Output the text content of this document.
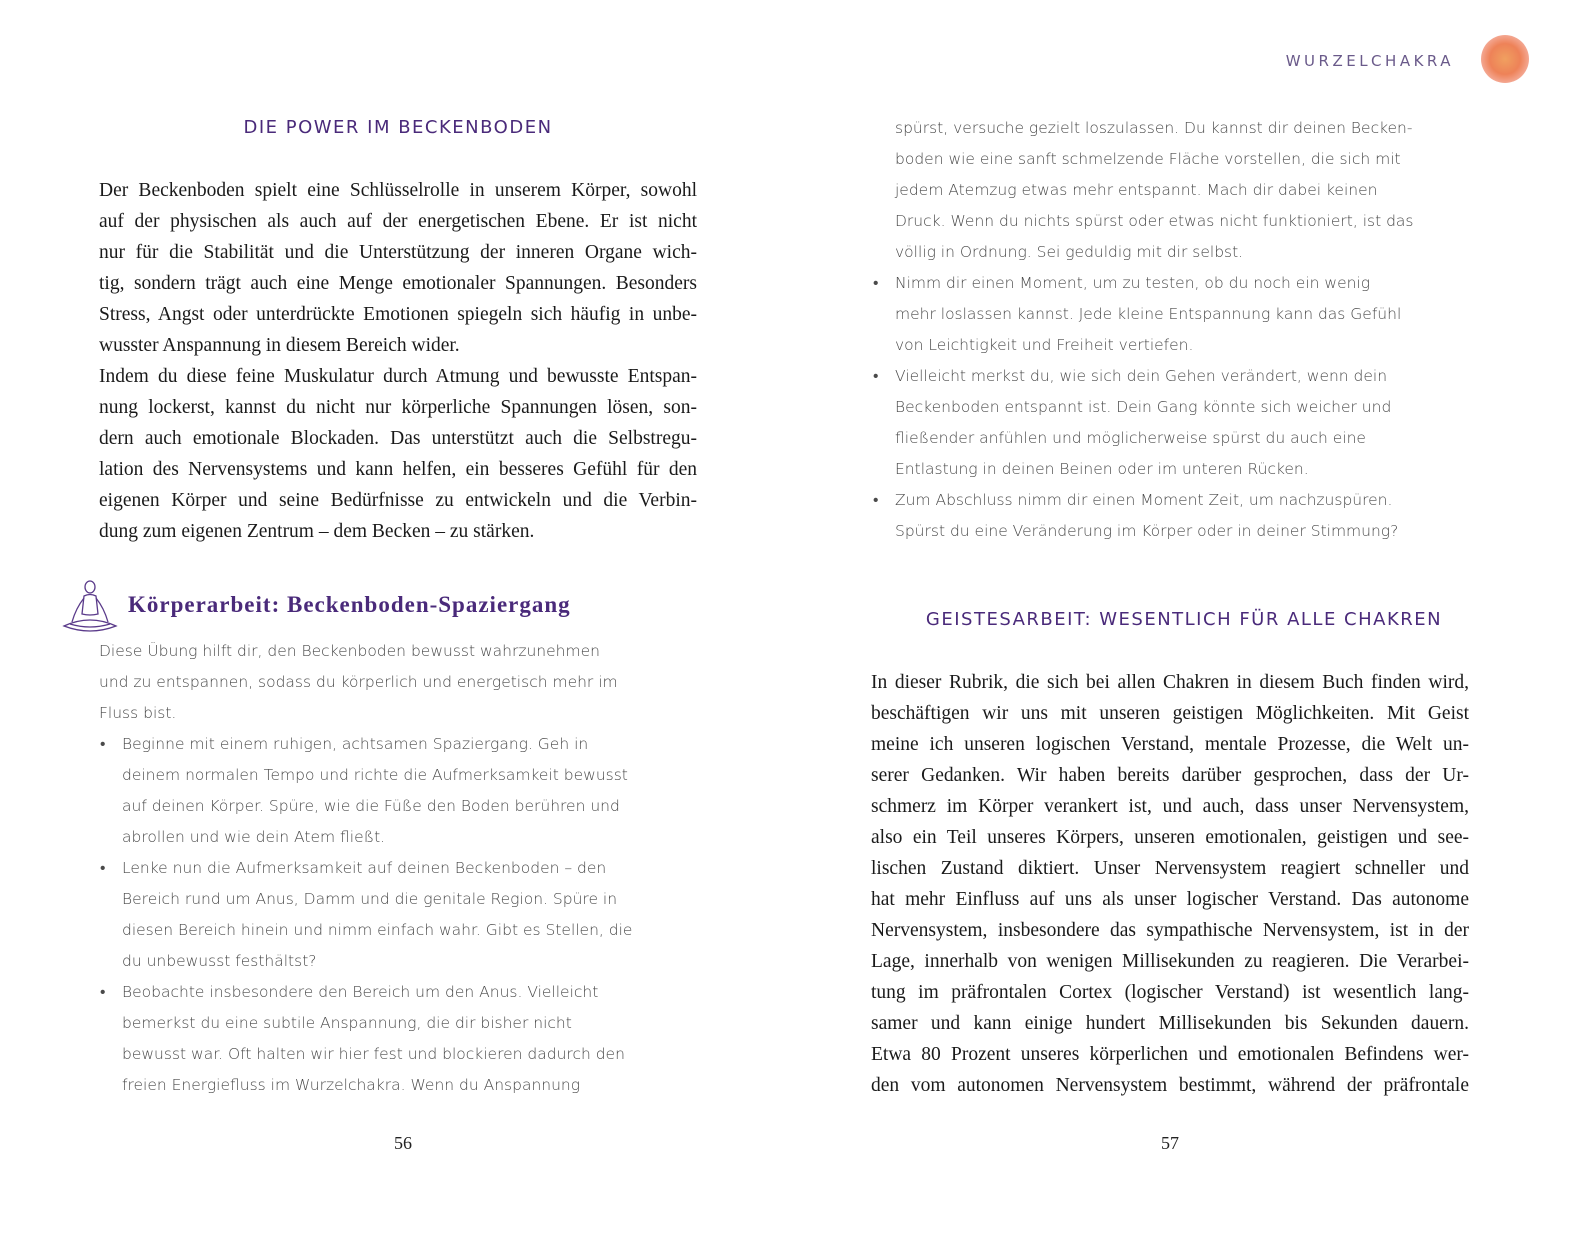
WURZELCHAKRA
DIE POWER IM BECKENBODEN
Der Beckenboden spielt eine Schlüsselrolle in unserem Körper, sowohl
auf der physischen als auch auf der energetischen Ebene. Er ist nicht
nur für die Stabilität und die Unterstützung der inneren Organe wich-
tig, sondern trägt auch eine Menge emotionaler Spannungen. Besonders
Stress, Angst oder unterdrückte Emotionen spiegeln sich häufig in unbe-
wusster Anspannung in diesem Bereich wider.
Indem du diese feine Muskulatur durch Atmung und bewusste Entspan-
nung lockerst, kannst du nicht nur körperliche Spannungen lösen, son-
dern auch emotionale Blockaden. Das unterstützt auch die Selbstregu-
lation des Nervensystems und kann helfen, ein besseres Gefühl für den
eigenen Körper und seine Bedürfnisse zu entwickeln und die Verbin-
dung zum eigenen Zentrum – dem Becken – zu stärken.
Körperarbeit: Beckenboden-Spaziergang
Diese Übung hilft dir, den Beckenboden bewusst wahrzunehmen
und zu entspannen, sodass du körperlich und energetisch mehr im
Fluss bist.
• Beginne mit einem ruhigen, achtsamen Spaziergang. Geh in
deinem normalen Tempo und richte die Aufmerksamkeit bewusst
auf deinen Körper. Spüre, wie die Füße den Boden berühren und
abrollen und wie dein Atem fließt.
• Lenke nun die Aufmerksamkeit auf deinen Beckenboden – den
Bereich rund um Anus, Damm und die genitale Region. Spüre in
diesen Bereich hinein und nimm einfach wahr. Gibt es Stellen, die
du unbewusst festhältst?
• Beobachte insbesondere den Bereich um den Anus. Vielleicht
bemerkst du eine subtile Anspannung, die dir bisher nicht
bewusst war. Oft halten wir hier fest und blockieren dadurch den
freien Energiefluss im Wurzelchakra. Wenn du Anspannung
56
spürst, versuche gezielt loszulassen. Du kannst dir deinen Becken-
boden wie eine sanft schmelzende Fläche vorstellen, die sich mit
jedem Atemzug etwas mehr entspannt. Mach dir dabei keinen
Druck. Wenn du nichts spürst oder etwas nicht funktioniert, ist das
völlig in Ordnung. Sei geduldig mit dir selbst.
• Nimm dir einen Moment, um zu testen, ob du noch ein wenig
mehr loslassen kannst. Jede kleine Entspannung kann das Gefühl
von Leichtigkeit und Freiheit vertiefen.
• Vielleicht merkst du, wie sich dein Gehen verändert, wenn dein
Beckenboden entspannt ist. Dein Gang könnte sich weicher und
fließender anfühlen und möglicherweise spürst du auch eine
Entlastung in deinen Beinen oder im unteren Rücken.
• Zum Abschluss nimm dir einen Moment Zeit, um nachzuspüren.
Spürst du eine Veränderung im Körper oder in deiner Stimmung?
GEISTESARBEIT: WESENTLICH FÜR ALLE CHAKREN
In dieser Rubrik, die sich bei allen Chakren in diesem Buch finden wird,
beschäftigen wir uns mit unseren geistigen Möglichkeiten. Mit Geist
meine ich unseren logischen Verstand, mentale Prozesse, die Welt un-
serer Gedanken. Wir haben bereits darüber gesprochen, dass der Ur-
schmerz im Körper verankert ist, und auch, dass unser Nervensystem,
also ein Teil unseres Körpers, unseren emotionalen, geistigen und see-
lischen Zustand diktiert. Unser Nervensystem reagiert schneller und
hat mehr Einfluss auf uns als unser logischer Verstand. Das autonome
Nervensystem, insbesondere das sympathische Nervensystem, ist in der
Lage, innerhalb von wenigen Millisekunden zu reagieren. Die Verarbei-
tung im präfrontalen Cortex (logischer Verstand) ist wesentlich lang-
samer und kann einige hundert Millisekunden bis Sekunden dauern.
Etwa 80 Prozent unseres körperlichen und emotionalen Befindens wer-
den vom autonomen Nervensystem bestimmt, während der präfrontale
57
